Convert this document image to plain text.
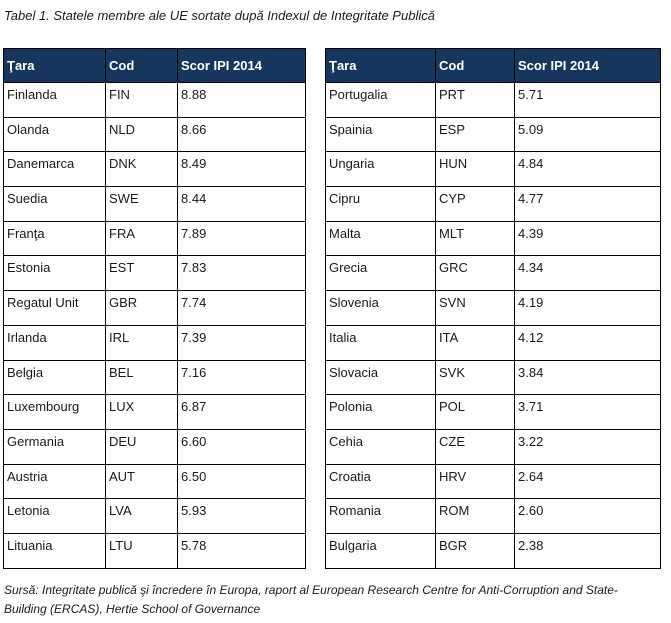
Tabel 1. Statele membre ale UE sortate după Indexul de Integritate Publică
Ţara	Cod	Scor IPI 2014
Finlanda	FIN	8.88
Olanda	NLD	8.66
Danemarca	DNK	8.49
Suedia	SWE	8.44
Franţa	FRA	7.89
Estonia	EST	7.83
Regatul Unit	GBR	7.74
Irlanda	IRL	7.39
Belgia	BEL	7.16
Luxembourg	LUX	6.87
Germania	DEU	6.60
Austria	AUT	6.50
Letonia	LVA	5.93
Lituania	LTU	5.78
Ţara	Cod	Scor IPI 2014
Portugalia	PRT	5.71
Spainia	ESP	5.09
Ungaria	HUN	4.84
Cipru	CYP	4.77
Malta	MLT	4.39
Grecia	GRC	4.34
Slovenia	SVN	4.19
Italia	ITA	4.12
Slovacia	SVK	3.84
Polonia	POL	3.71
Cehia	CZE	3.22
Croatia	HRV	2.64
Romania	ROM	2.60
Bulgaria	BGR	2.38
Sursă: Integritate publică şi încredere în Europa, raport al European Research Centre for Anti-Corruption and State-Building (ERCAS), Hertie School of Governance
